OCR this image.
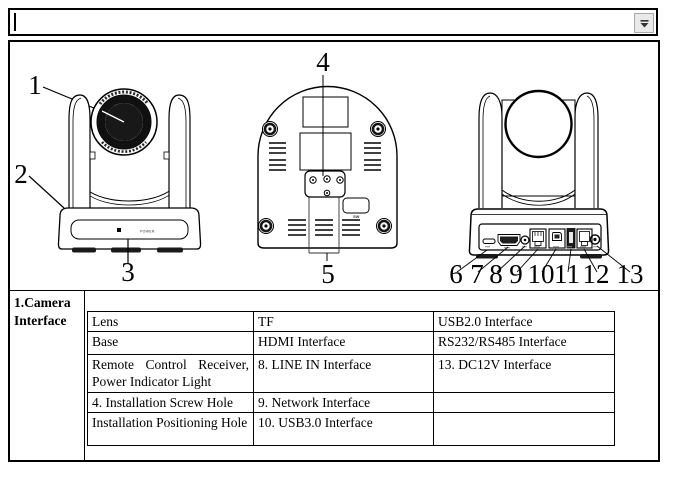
POWER
1
2
3
SW
4
5	6 7 8 9 10 11 12 13
1.Camera Interface	Lens	TF	USB2.0 Interface
Base	HDMI Interface	RS232/RS485 Interface
Remote Control Receiver, Power Indicator Light	8. LINE IN Interface	13. DC12V Interface
4. Installation Screw Hole	9. Network Interface	
Installation Positioning Hole	10. USB3.0 Interface	
